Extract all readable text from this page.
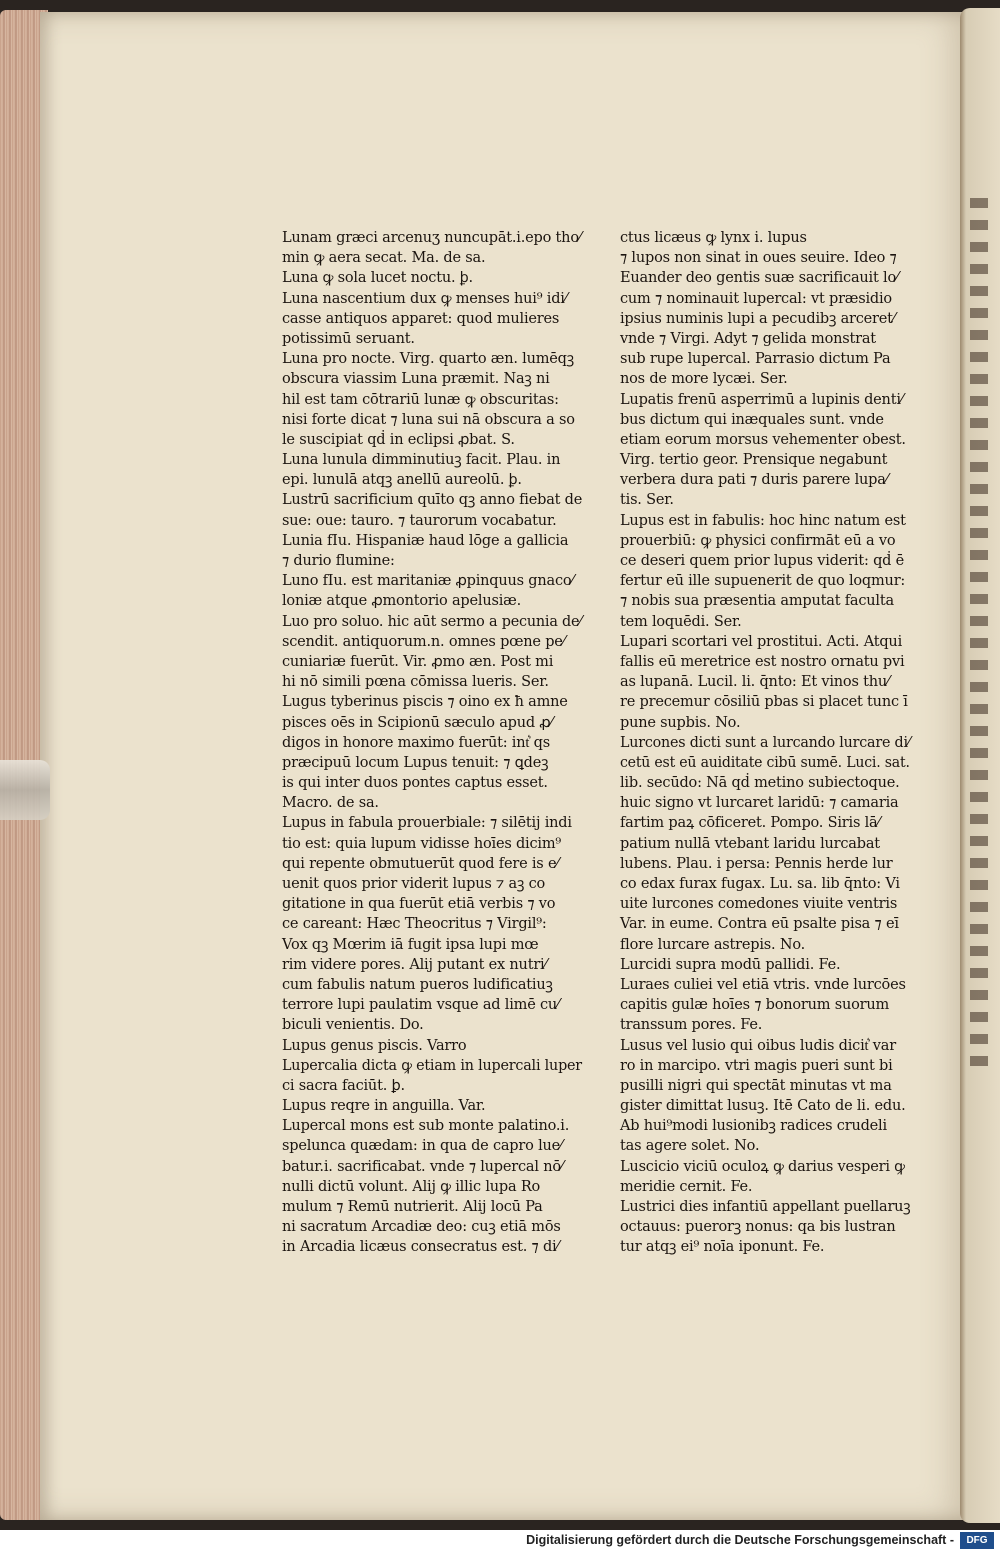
Lunam græci arcenuʒ nuncupāt.i.epo tho⁄
min ꝙ aera secat. Ma. de sa.
Luna ꝙ sola lucet noctu. ꝧ.
Luna nascentium dux ꝙ menses hui⁹ idi⁄
casse antiquos apparet: quod mulieres
potissimū seruant.
Luna pro nocte. Virg. quarto æn. lumēqꝫ
obscura viassim Luna præmit. Naꝫ ni
hil est tam cōtrariū lunæ ꝙ obscuritas:
nisi forte dicat ⁊ luna sui nā obscura a so
le suscipiat qḋ in eclipsi ꝓbat. S.
Luna lunula dimminutiuꝫ facit. Plau. in
epi. lunulā atqꝫ anellū aureolū. ꝧ.
Lustrū sacrificium quīto qꝫ anno fiebat de
sue: oue: tauro. ⁊ taurorum vocabatur.
Lunia fIu. Hispaniæ haud lōge a gallicia
⁊ durio flumine:
Luno fIu. est maritaniæ ꝓpinquus gnaco⁄
loniæ atque ꝓmontorio apelusiæ.
Luo pro soluo. hic aūt sermo a pecunia de⁄
scendit. antiquorum.n. omnes pœne pe⁄
cuniariæ fuerūt. Vir. ꝓmo æn. Post mi
hi nō simili pœna cōmissa lueris. Ser.
Lugus tyberinus piscis ⁊ oino ex ħ amne
pisces oēs in Scipionū sæculo apud ꝓ⁄
digos in honore maximo fuerūt: int͛ qs
præcipuū locum Lupus tenuit: ⁊ ꝗdeꝫ
is qui inter duos pontes captus esset.
Macro. de sa.
Lupus in fabula prouerbiale: ⁊ silētij indi
tio est: quia lupum vidisse hoīes dicim⁹
qui repente obmutuerūt quod fere is e⁄
uenit quos prior viderit lupus ⁊ aꝫ co
gitatione in qua fuerūt etiā verbis ⁊ vo
ce careant: Hæc Theocritus ⁊ Virgil⁹:
Vox qꝫ Mœrim iā fugit ipsa lupi mœ
rim videre pores. Alij putant ex nutri⁄
cum fabulis natum pueros ludificatiuꝫ
terrore lupi paulatim vsque ad limē cu⁄
biculi venientis. Do.
Lupus genus piscis. Varro
Lupercalia dicta ꝙ etiam in lupercali luper
ci sacra faciūt. ꝧ.
Lupus reqre in anguilla. Var.
Lupercal mons est sub monte palatino.i.
spelunca quædam: in qua de capro lue⁄
batur.i. sacrificabat. vnde ⁊ lupercal nō⁄
nulli dictū volunt. Alij ꝙ illic lupa Ro
mulum ⁊ Remū nutrierit. Alij locū Pa
ni sacratum Arcadiæ deo: cuꝫ etiā mōs
in Arcadia licæus consecratus est. ⁊ di⁄
ctus licæus ꝙ lynx i. lupus
⁊ lupos non sinat in oues seuire. Ideo ⁊
Euander deo gentis suæ sacrificauit lo⁄
cum ⁊ nominauit lupercal: vt præsidio
ipsius numinis lupi a pecudibꝫ arceret⁄
vnde ⁊ Virgi. Adyt ⁊ gelida monstrat
sub rupe lupercal. Parrasio dictum Pa
nos de more lycæi. Ser.
Lupatis frenū asperrimū a lupinis denti⁄
bus dictum qui inæquales sunt. vnde
etiam eorum morsus vehementer obest.
Virg. tertio geor. Prensique negabunt
verbera dura pati ⁊ duris parere lupa⁄
tis. Ser.
Lupus est in fabulis: hoc hinc natum est
prouerbiū: ꝙ physici confirmāt eū a vo
ce deseri quem prior lupus viderit: qḋ ē
fertur eū ille supuenerit de quo loqmur:
⁊ nobis sua præsentia amputat faculta
tem loquēdi. Ser.
Lupari scortari vel prostitui. Acti. Atqui
fallis eū meretrice est nostro ornatu pvi
as lupanā. Lucil. li. q̄nto: Et vinos thu⁄
re precemur cōsiliū pbas si placet tunc ī
pune supbis. No.
Lurcones dicti sunt a lurcando lurcare di⁄
cetū est eū auiditate cibū sumē. Luci. sat.
lib. secūdo: Nā qḋ metino subiectoque.
huic signo vt lurcaret laridū: ⁊ camaria
fartim paꝝ cōficeret. Pompo. Siris lā⁄
patium nullā vtebant laridu lurcabat
lubens. Plau. i persa: Pennis herde lur
co edax furax fugax. Lu. sa. lib q̄nto: Vi
uite lurcones comedones viuite ventris
Var. in eume. Contra eū psalte pisa ⁊ eī
flore lurcare astrepis. No.
Lurcidi supra modū pallidi. Fe.
Luraes culiei vel etiā vtris. vnde lurcōes
capitis gulæ hoīes ⁊ bonorum suorum
transsum pores. Fe.
Lusus vel lusio qui oibus ludis dicit͛ var
ro in marcipo. vtri magis pueri sunt bi
pusilli nigri qui spectāt minutas vt ma
gister dimittat lusuꝫ. Itē Cato de li. edu.
Ab hui⁹modi lusionibꝫ radices crudeli
tas agere solet. No.
Luscicio viciū oculoꝝ ꝙ darius vesperi ꝙ
meridie cernit. Fe.
Lustrici dies infantiū appellant puellaruꝫ
octauus: puerorꝫ nonus: qa bis lustran
tur atqꝫ ei⁹ noīa iponunt. Fe.
Digitalisierung gefördert durch die Deutsche Forschungsgemeinschaft -	DFG
